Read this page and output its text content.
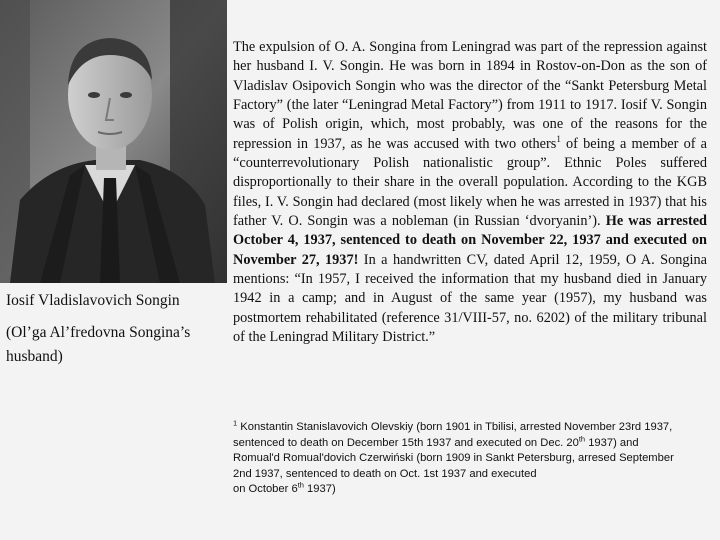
Iosif Vladislavovich Songin
(Ol’ga Al’fredovna Songina’s
husband)

The expulsion of O. A. Songina from Leningrad was part of the repression against her husband I. V. Songin. He was born in 1894 in Rostov-on-Don as the son of Vladislav Osipovich Songin who was the director of the “Sankt Petersburg Metal Factory” (the later “Leningrad Metal Factory”) from 1911 to 1917. Iosif V. Songin was of Polish origin, which, most probably, was one of the reasons for the repression in 1937, as he was accused with two others$^1$ of being a member of a “counterrevolutionary Polish nationalistic group”. Ethnic Poles suffered disproportionally to their share in the overall population. According to the KGB files, I. V. Songin had declared (most likely when he was arrested in 1937) that his father V. O. Songin was a nobleman (in Russian ‘dvoryanin’). He was arrested October 4, 1937, sentenced to death on November 22, 1937 and executed on November 27, 1937! In a handwritten CV, dated April 12, 1959, O A. Songina mentions: “In 1957, I received the information that my husband died in January 1942 in a camp; and in August of the same year (1957), my husband was postmortem rehabilitated (reference 31/VIII-57, no. 6202) of the military tribunal of the Leningrad Military District.”

$^1$ Konstantin Stanislavovich Olevskiy (born 1901 in Tbilisi, arrested November 23rd 1937,
sentenced to death on December 15th 1937 and executed on Dec. 20th 1937) and
Romual'd Romual'dovich Czerwiński (born 1909 in Sankt Petersburg, arresed September
2nd 1937, sentenced to death on Oct. 1st 1937 and executed
on October 6th 1937)
